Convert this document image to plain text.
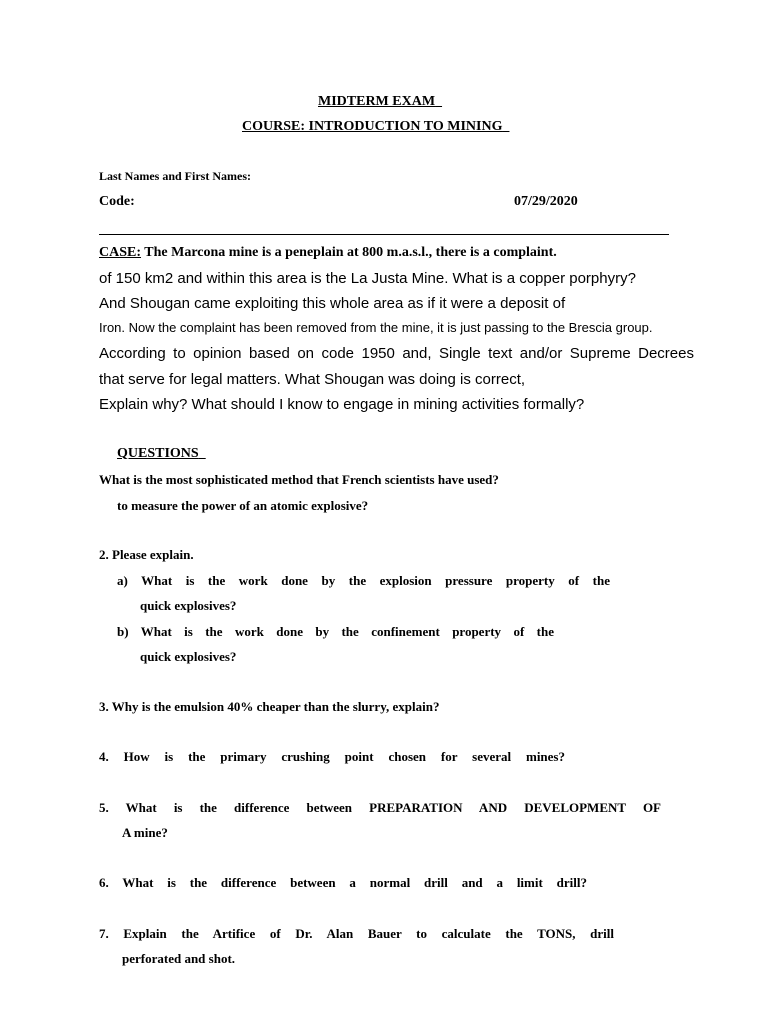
MIDTERM EXAM
COURSE: INTRODUCTION TO MINING
Last Names and First Names:
Code:	07/29/2020
CASE: The Marcona mine is a peneplain at 800 m.a.s.l., there is a complaint.
of 150 km2 and within this area is the La Justa Mine. What is a copper porphyry?
And Shougan came exploiting this whole area as if it were a deposit of
Iron. Now the complaint has been removed from the mine, it is just passing to the Brescia group.
According to opinion based on code 1950 and, Single text and/or Supreme Decrees
that serve for legal matters. What Shougan was doing is correct,
Explain why? What should I know to engage in mining activities formally?
QUESTIONS
What is the most sophisticated method that French scientists have used?
to measure the power of an atomic explosive?
2. Please explain.
a) What is the work done by the explosion pressure property of the
quick explosives?
b) What is the work done by the confinement property of the
quick explosives?
3. Why is the emulsion 40% cheaper than the slurry, explain?
4. How is the primary crushing point chosen for several mines?
5. What is the difference between PREPARATION AND DEVELOPMENT OF
A mine?
6. What is the difference between a normal drill and a limit drill?
7. Explain the Artifice of Dr. Alan Bauer to calculate the TONS, drill
perforated and shot.
